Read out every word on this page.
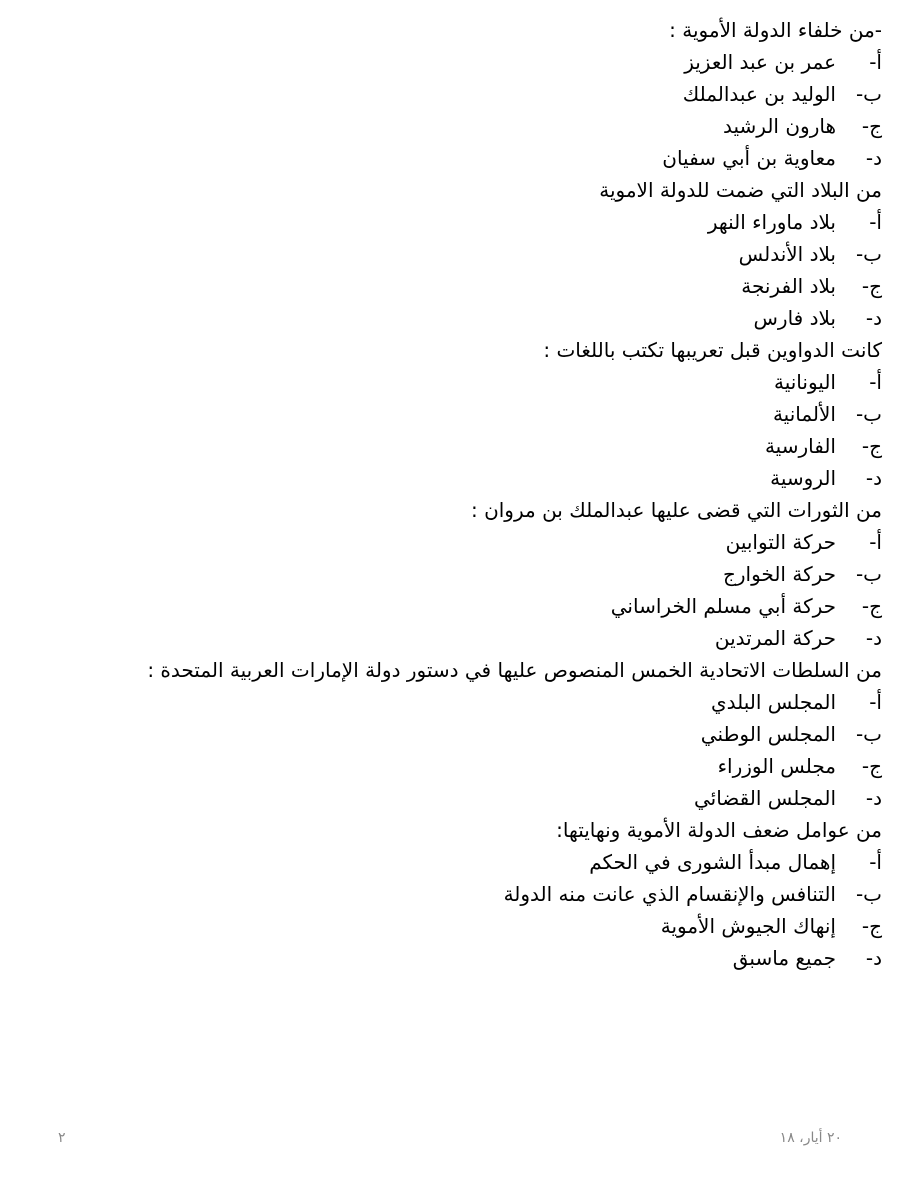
-من خلفاء الدولة الأموية :
أ-
عمر بن عبد العزيز
ب-
الوليد بن عبدالملك
ج-
هارون الرشيد
د-
معاوية بن أبي سفيان
من البلاد التي ضمت للدولة الاموية
أ-
بلاد ماوراء النهر
ب-
بلاد الأندلس
ج-
بلاد الفرنجة
د-
بلاد فارس
كانت الدواوين قبل تعريبها تكتب باللغات :
أ-
اليونانية
ب-
الألمانية
ج-
الفارسية
د-
الروسية
من الثورات التي قضى عليها عبدالملك بن مروان :
أ-
حركة التوابين
ب-
حركة الخوارج
ج-
حركة أبي مسلم الخراساني
د-
حركة المرتدين
من السلطات الاتحادية الخمس المنصوص عليها في دستور دولة الإمارات العربية المتحدة :
أ-
المجلس البلدي
ب-
المجلس الوطني
ج-
مجلس الوزراء
د-
المجلس القضائي
من عوامل ضعف الدولة الأموية ونهايتها:
أ-
إهمال مبدأ الشورى في الحكم
ب-
التنافس والإنقسام الذي عانت منه الدولة
ج-
إنهاك الجيوش الأموية
د-
جميع ماسبق
٢٠ أيار، ١٨
٢
